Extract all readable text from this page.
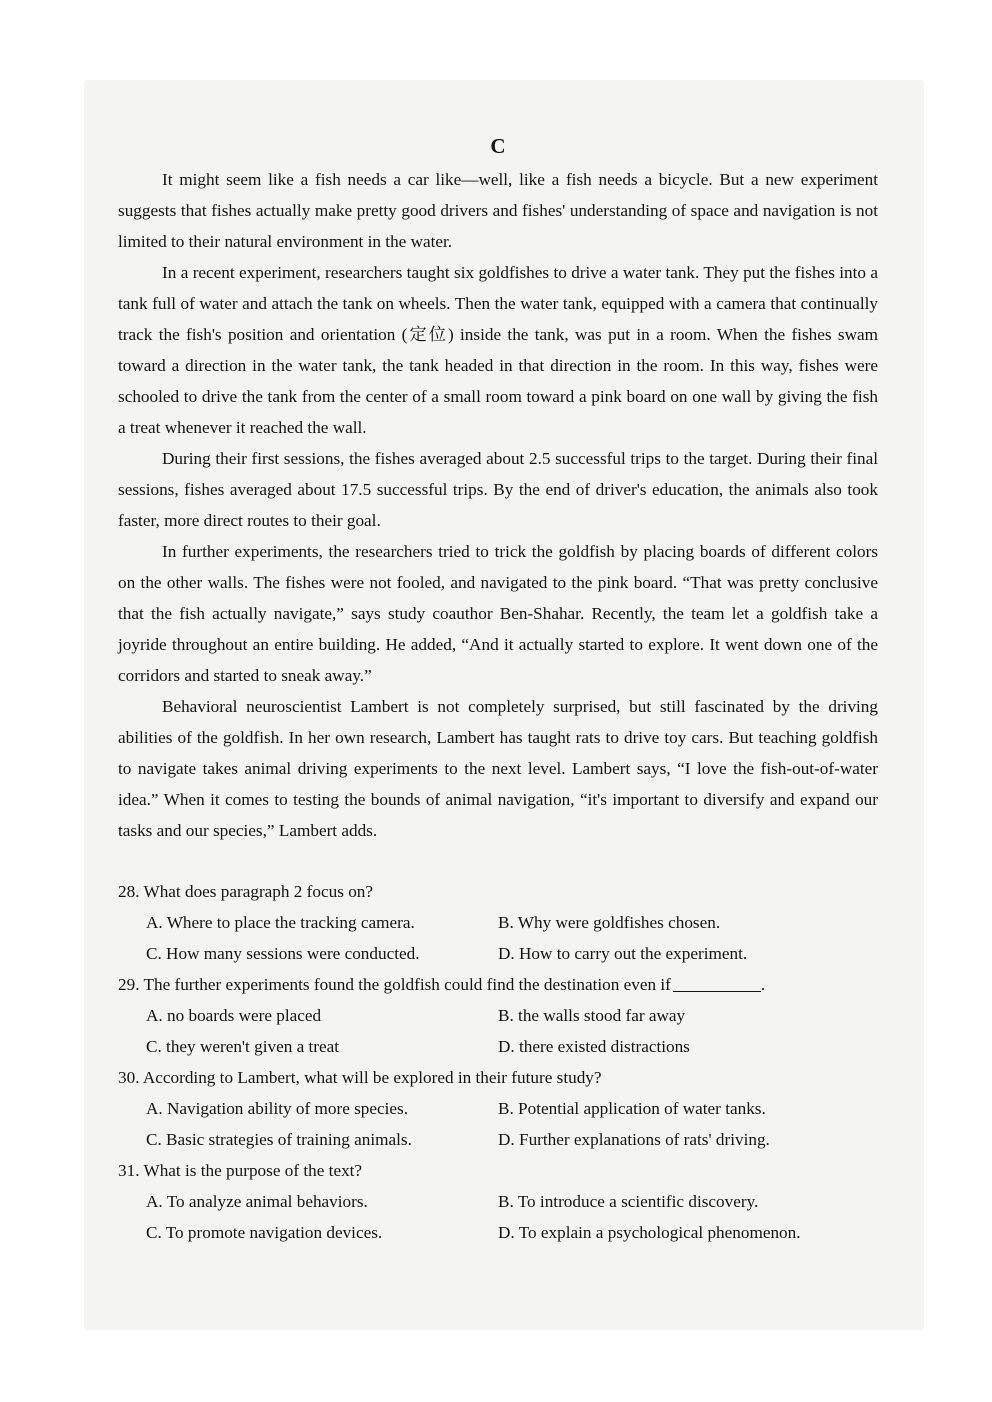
C

It might seem like a fish needs a car like—well, like a fish needs a bicycle. But a new experiment suggests that fishes actually make pretty good drivers and fishes' understanding of space and navigation is not limited to their natural environment in the water.

In a recent experiment, researchers taught six goldfishes to drive a water tank. They put the fishes into a tank full of water and attach the tank on wheels. Then the water tank, equipped with a camera that continually track the fish's position and orientation (定位) inside the tank, was put in a room. When the fishes swam toward a direction in the water tank, the tank headed in that direction in the room. In this way, fishes were schooled to drive the tank from the center of a small room toward a pink board on one wall by giving the fish a treat whenever it reached the wall.

During their first sessions, the fishes averaged about 2.5 successful trips to the target. During their final sessions, fishes averaged about 17.5 successful trips. By the end of driver's education, the animals also took faster, more direct routes to their goal.

In further experiments, the researchers tried to trick the goldfish by placing boards of different colors on the other walls. The fishes were not fooled, and navigated to the pink board. “That was pretty conclusive that the fish actually navigate,” says study coauthor Ben-Shahar. Recently, the team let a goldfish take a joyride throughout an entire building. He added, “And it actually started to explore. It went down one of the corridors and started to sneak away.”

Behavioral neuroscientist Lambert is not completely surprised, but still fascinated by the driving abilities of the goldfish. In her own research, Lambert has taught rats to drive toy cars. But teaching goldfish to navigate takes animal driving experiments to the next level. Lambert says, “I love the fish-out-of-water idea.” When it comes to testing the bounds of animal navigation, “it's important to diversify and expand our tasks and our species,” Lambert adds.

28. What does paragraph 2 focus on?
A. Where to place the tracking camera.	B. Why were goldfishes chosen.
C. How many sessions were conducted.	D. How to carry out the experiment.
29. The further experiments found the goldfish could find the destination even if	.
A. no boards were placed	B. the walls stood far away
C. they weren't given a treat	D. there existed distractions
30. According to Lambert, what will be explored in their future study?
A. Navigation ability of more species.	B. Potential application of water tanks.
C. Basic strategies of training animals.	D. Further explanations of rats' driving.
31. What is the purpose of the text?
A. To analyze animal behaviors.	B. To introduce a scientific discovery.
C. To promote navigation devices.	D. To explain a psychological phenomenon.
